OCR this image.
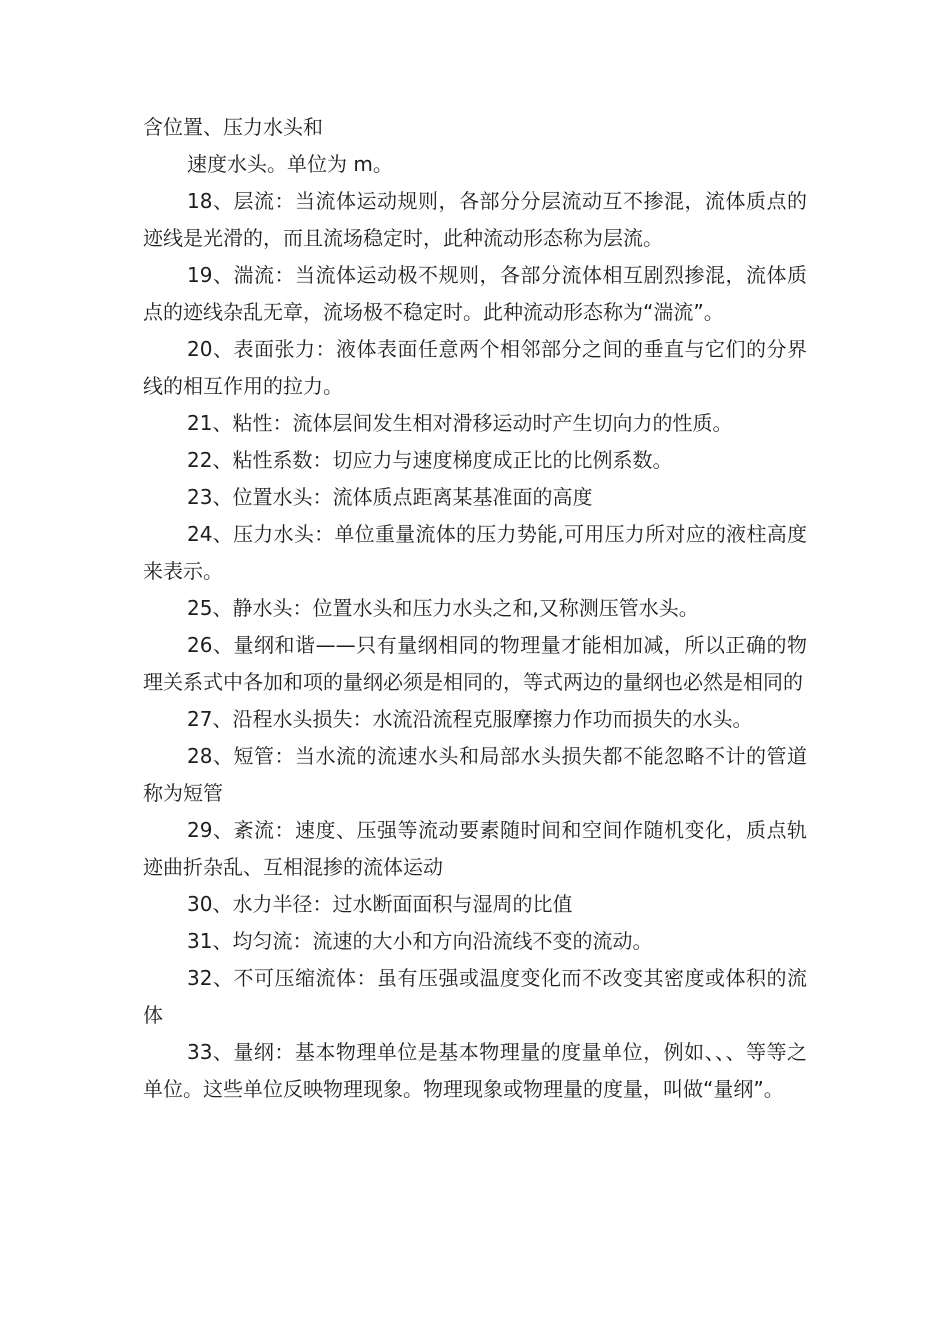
含位置、压力水头和

速度水头。单位为 m。

18、层流：当流体运动规则，各部分分层流动互不掺混，流体质点的迹线是光滑的，而且流场稳定时，此种流动形态称为层流。

19、湍流：当流体运动极不规则，各部分流体相互剧烈掺混，流体质点的迹线杂乱无章，流场极不稳定时。此种流动形态称为“湍流”。

20、表面张力：液体表面任意两个相邻部分之间的垂直与它们的分界线的相互作用的拉力。

21、粘性：流体层间发生相对滑移运动时产生切向力的性质。

22、粘性系数：切应力与速度梯度成正比的比例系数。

23、位置水头：流体质点距离某基准面的高度

24、压力水头：单位重量流体的压力势能,可用压力所对应的液柱高度来表示。

25、静水头：位置水头和压力水头之和,又称测压管水头。

26、量纲和谐——只有量纲相同的物理量才能相加减，所以正确的物理关系式中各加和项的量纲必须是相同的，等式两边的量纲也必然是相同的

27、沿程水头损失：水流沿流程克服摩擦力作功而损失的水头。

28、短管：当水流的流速水头和局部水头损失都不能忽略不计的管道称为短管

29、紊流：速度、压强等流动要素随时间和空间作随机变化，质点轨迹曲折杂乱、互相混掺的流体运动

30、水力半径：过水断面面积与湿周的比值

31、均匀流：流速的大小和方向沿流线不变的流动。

32、不可压缩流体：虽有压强或温度变化而不改变其密度或体积的流体

33、量纲：基本物理单位是基本物理量的度量单位，例如、、、等等之单位。这些单位反映物理现象。物理现象或物理量的度量，叫做“量纲”。
